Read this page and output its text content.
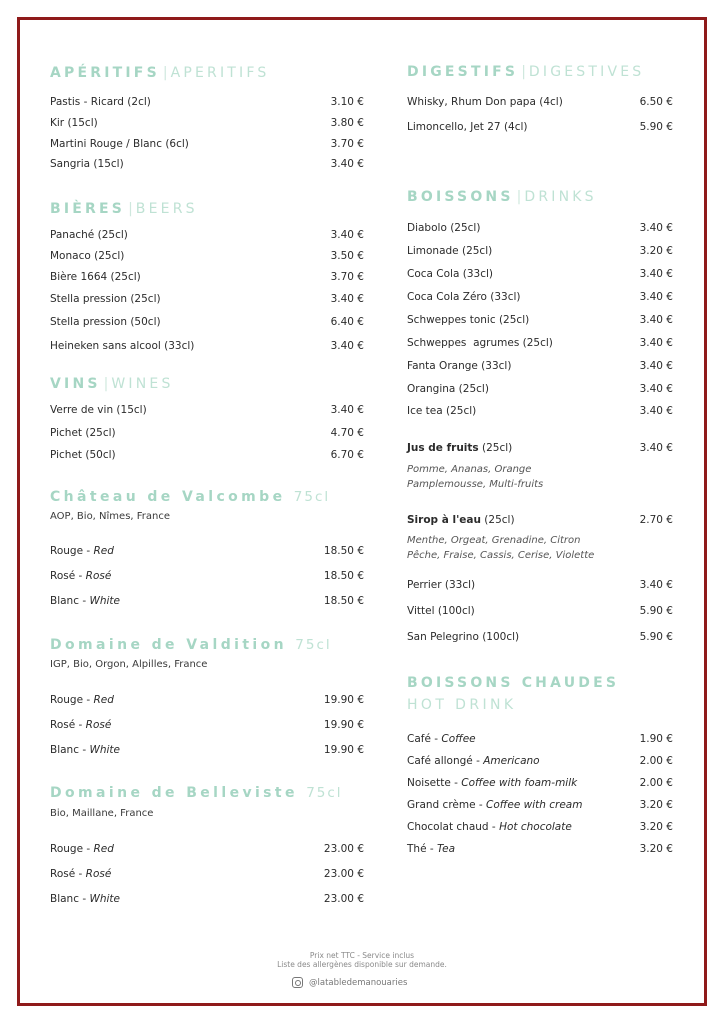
APÉRITIFS | APERITIFS
Pastis - Ricard (2cl)	3.10 €
Kir (15cl)	3.80 €
Martini Rouge / Blanc (6cl)	3.70 €
Sangria (15cl)	3.40 €
BIÈRES | BEERS
Panaché (25cl)	3.40 €
Monaco (25cl)	3.50 €
Bière 1664 (25cl)	3.70 €
Stella pression (25cl)	3.40 €
Stella pression (50cl)	6.40 €
Heineken sans alcool (33cl)	3.40 €
VINS | WINES
Verre de vin (15cl)	3.40 €
Pichet (25cl)	4.70 €
Pichet (50cl)	6.70 €
Château de Valcombe 75cl
AOP, Bio, Nîmes, France
Rouge - Red	18.50 €
Rosé - Rosé	18.50 €
Blanc - White	18.50 €
Domaine de Valdition 75cl
IGP, Bio, Orgon, Alpilles, France
Rouge - Red	19.90 €
Rosé - Rosé	19.90 €
Blanc - White	19.90 €
Domaine de Belleviste 75cl
Bio, Maillane, France
Rouge - Red	23.00 €
Rosé - Rosé	23.00 €
Blanc - White	23.00 €
DIGESTIFS | DIGESTIVES
Whisky, Rhum Don papa (4cl)	6.50 €
Limoncello, Jet 27 (4cl)	5.90 €
BOISSONS | DRINKS
Diabolo (25cl)	3.40 €
Limonade (25cl)	3.20 €
Coca Cola (33cl)	3.40 €
Coca Cola Zéro (33cl)	3.40 €
Schweppes tonic (25cl)	3.40 €
Schweppes  agrumes (25cl)	3.40 €
Fanta Orange (33cl)	3.40 €
Orangina (25cl)	3.40 €
Ice tea (25cl)	3.40 €
Jus de fruits (25cl)	3.40 €
Pomme, Ananas, Orange
Pamplemousse, Multi-fruits
Sirop à l'eau (25cl)	2.70 €
Menthe, Orgeat, Grenadine, Citron
Pêche, Fraise, Cassis, Cerise, Violette
Perrier (33cl)	3.40 €
Vittel (100cl)	5.90 €
San Pelegrino (100cl)	5.90 €
BOISSONS CHAUDES
HOT DRINK
Café - Coffee	1.90 €
Café allongé - Americano	2.00 €
Noisette - Coffee with foam-milk	2.00 €
Grand crème - Coffee with cream	3.20 €
Chocolat chaud - Hot chocolate	3.20 €
Thé - Tea	3.20 €
Prix net TTC - Service inclus
Liste des allergènes disponible sur demande.
@latabledemanouaries
